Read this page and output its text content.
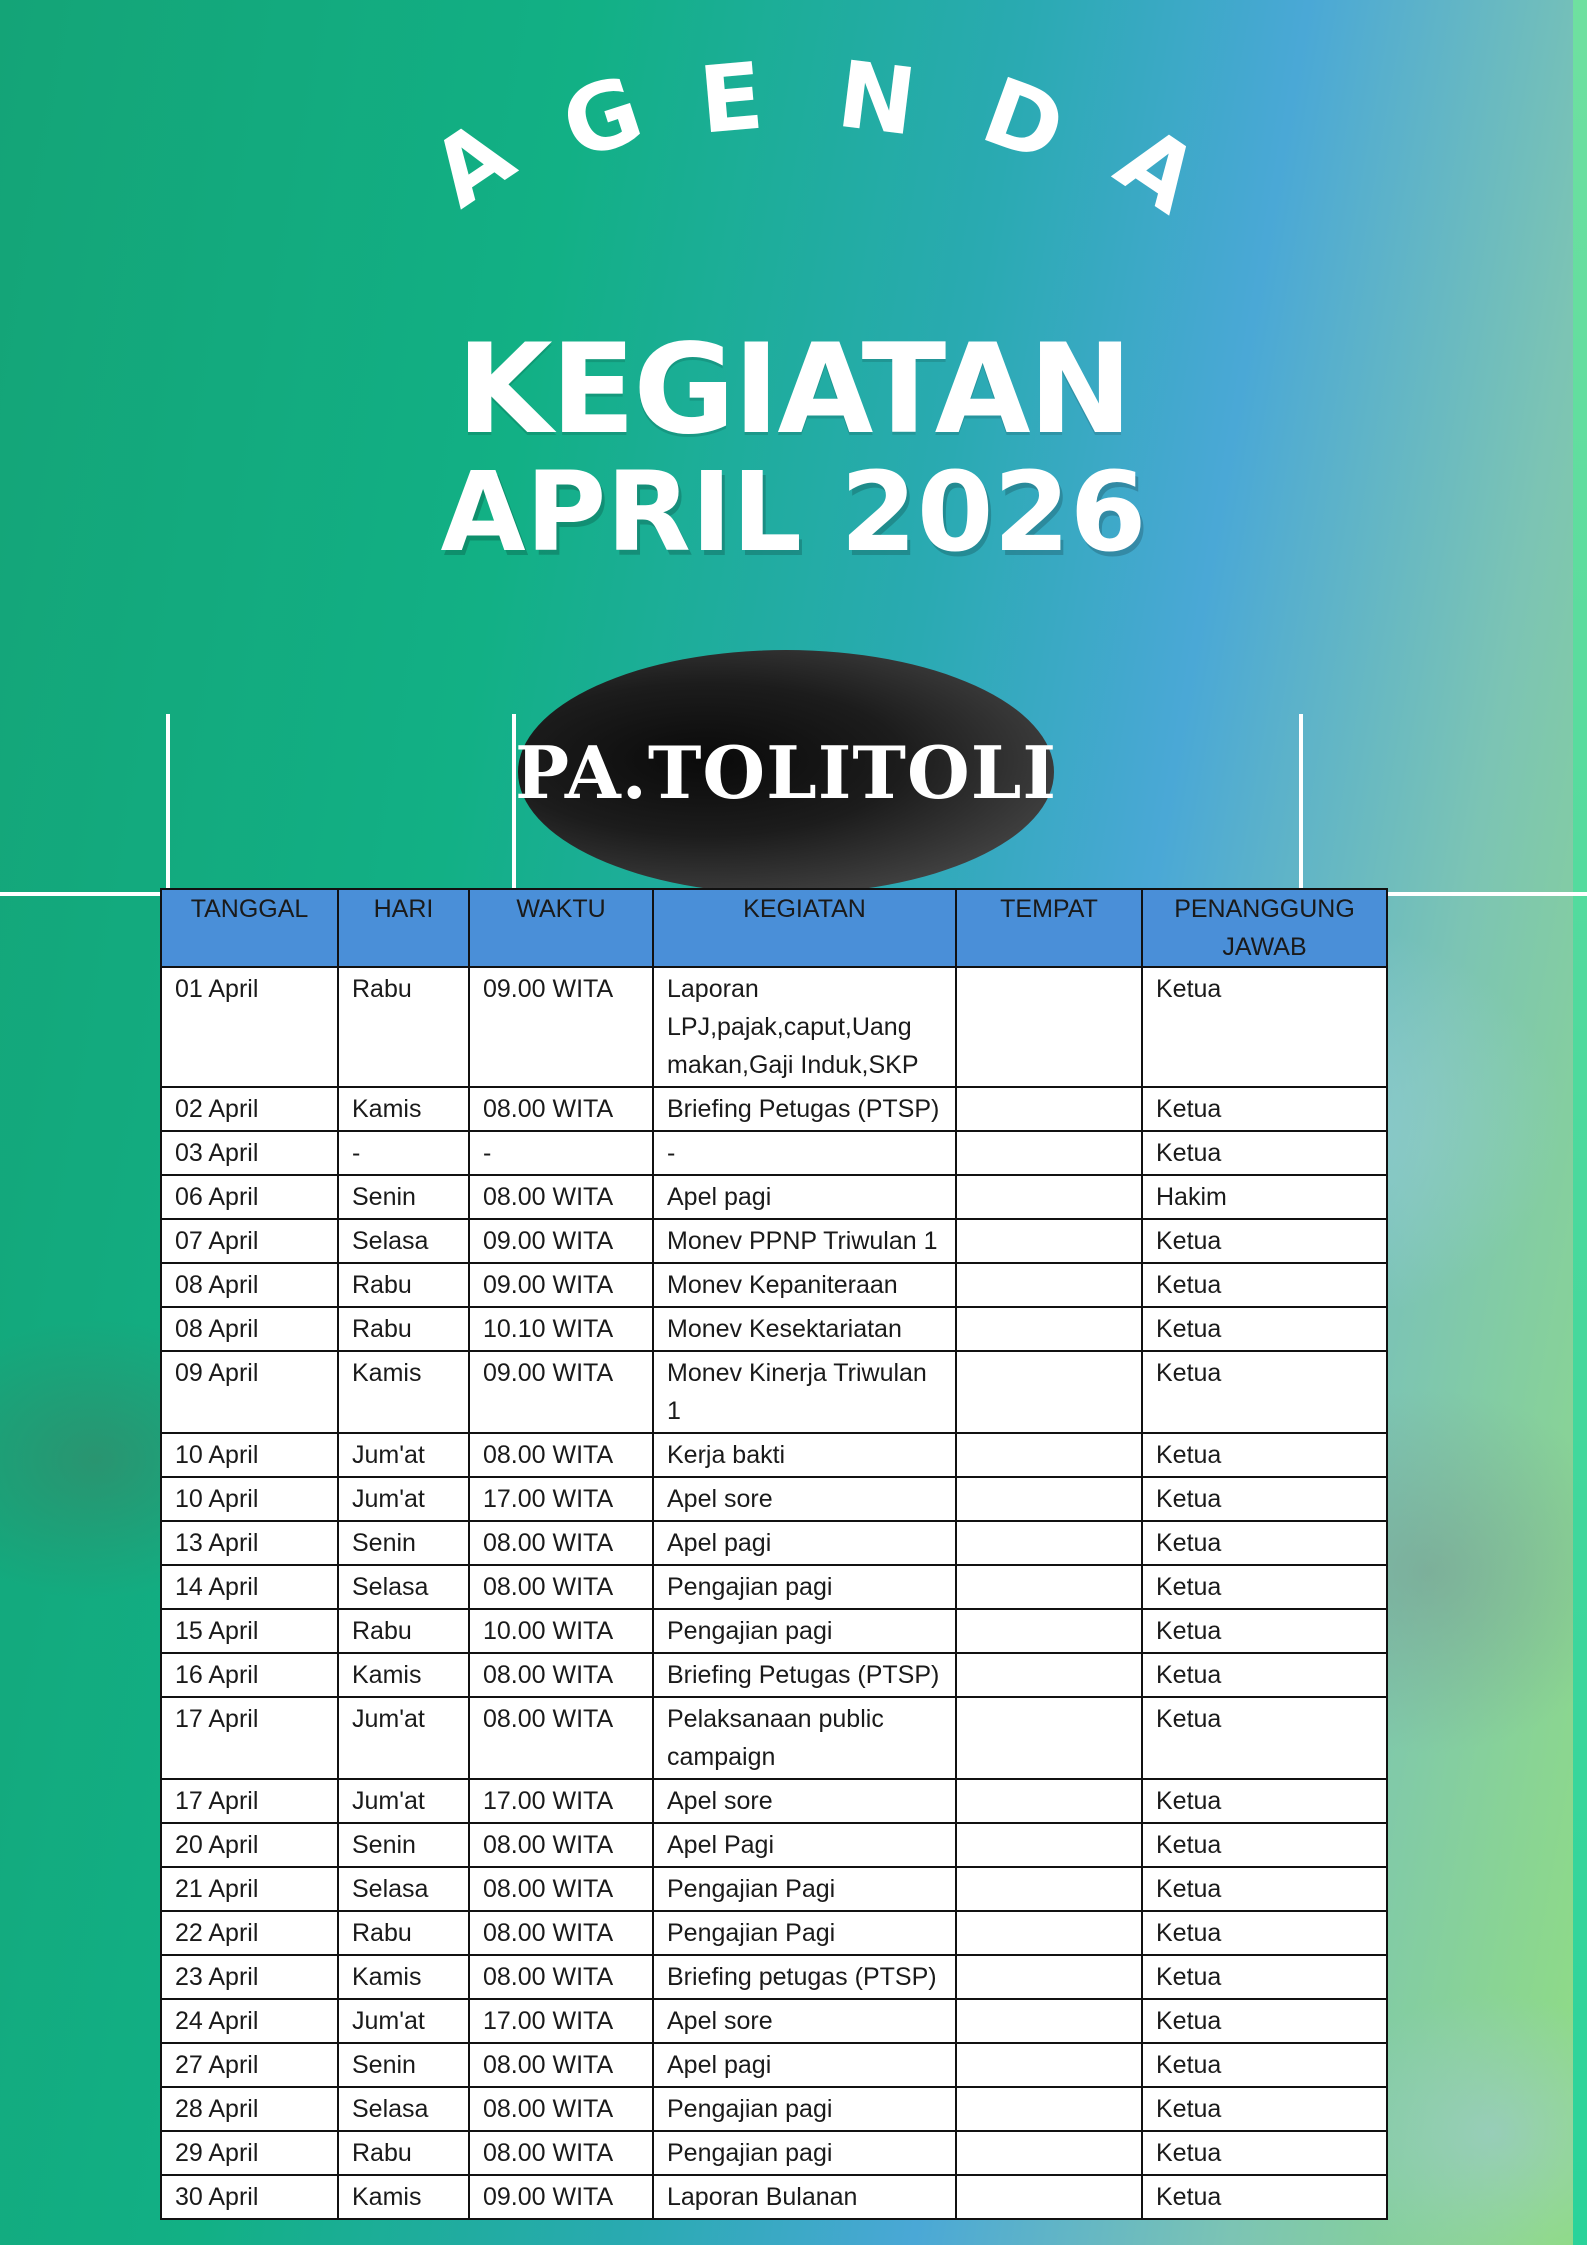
A G E N D A
KEGIATAN
APRIL 2026
PA.TOLITOLI
TANGGAL	HARI	WAKTU	KEGIATAN	TEMPAT	PENANGGUNG JAWAB
01 April	Rabu	09.00 WITA	Laporan LPJ,pajak,caput,Uang makan,Gaji Induk,SKP		Ketua
02 April	Kamis	08.00 WITA	Briefing Petugas (PTSP)		Ketua
03 April	-	-	-		Ketua
06 April	Senin	08.00 WITA	Apel pagi		Hakim
07 April	Selasa	09.00 WITA	Monev PPNP Triwulan 1		Ketua
08 April	Rabu	09.00 WITA	Monev Kepaniteraan		Ketua
08 April	Rabu	10.10 WITA	Monev Kesektariatan		Ketua
09 April	Kamis	09.00 WITA	Monev Kinerja Triwulan 1		Ketua
10 April	Jum'at	08.00 WITA	Kerja bakti		Ketua
10 April	Jum'at	17.00 WITA	Apel sore		Ketua
13 April	Senin	08.00 WITA	Apel pagi		Ketua
14 April	Selasa	08.00 WITA	Pengajian pagi		Ketua
15 April	Rabu	10.00 WITA	Pengajian pagi		Ketua
16 April	Kamis	08.00 WITA	Briefing Petugas (PTSP)		Ketua
17 April	Jum'at	08.00 WITA	Pelaksanaan public campaign		Ketua
17 April	Jum'at	17.00 WITA	Apel sore		Ketua
20 April	Senin	08.00 WITA	Apel Pagi		Ketua
21 April	Selasa	08.00 WITA	Pengajian Pagi		Ketua
22 April	Rabu	08.00 WITA	Pengajian Pagi		Ketua
23 April	Kamis	08.00 WITA	Briefing petugas (PTSP)		Ketua
24 April	Jum'at	17.00 WITA	Apel sore		Ketua
27 April	Senin	08.00 WITA	Apel pagi		Ketua
28 April	Selasa	08.00 WITA	Pengajian pagi		Ketua
29 April	Rabu	08.00 WITA	Pengajian pagi		Ketua
30 April	Kamis	09.00 WITA	Laporan Bulanan		Ketua
